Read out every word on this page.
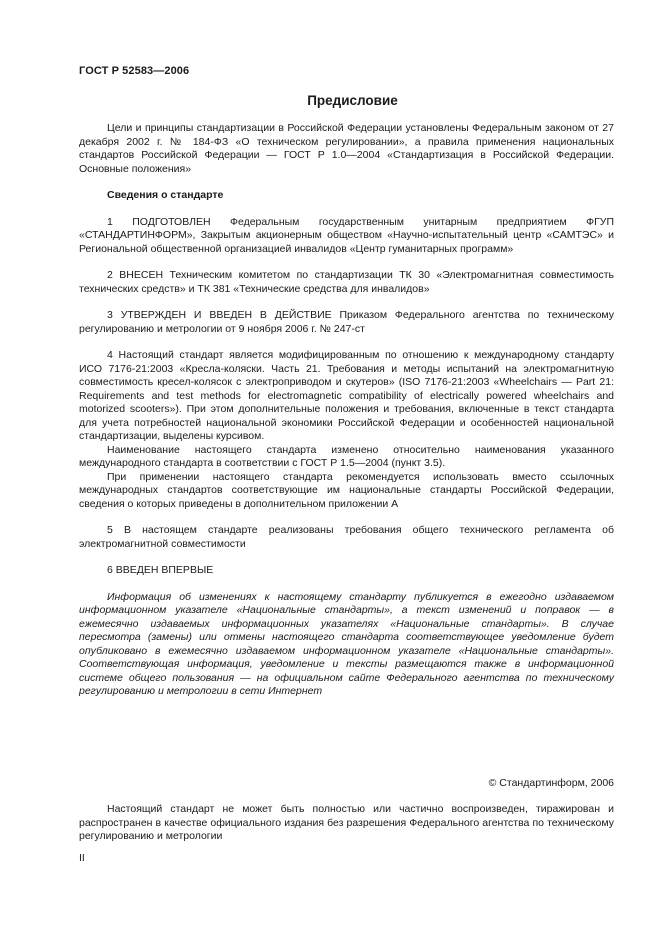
ГОСТ Р 52583—2006
Предисловие

Цели и принципы стандартизации в Российской Федерации установлены Федеральным законом от 27 декабря 2002 г. № 184-ФЗ «О техническом регулировании», а правила применения национальных стандартов Российской Федерации — ГОСТ Р 1.0—2004 «Стандартизация в Российской Федерации. Основные положения»

Сведения о стандарте

1 ПОДГОТОВЛЕН Федеральным государственным унитарным предприятием ФГУП «СТАНДАРТИНФОРМ», Закрытым акционерным обществом «Научно-испытательный центр «САМТЭС» и Региональной общественной организацией инвалидов «Центр гуманитарных программ»

2 ВНЕСЕН Техническим комитетом по стандартизации ТК 30 «Электромагнитная совместимость технических средств» и ТК 381 «Технические средства для инвалидов»

3 УТВЕРЖДЕН И ВВЕДЕН В ДЕЙСТВИЕ Приказом Федерального агентства по техническому регулированию и метрологии от 9 ноября 2006 г. № 247-ст

4 Настоящий стандарт является модифицированным по отношению к международному стандарту ИСО 7176-21:2003 «Кресла-коляски. Часть 21. Требования и методы испытаний на электромагнитную совместимость кресел-колясок с электроприводом и скутеров» (ISO 7176-21:2003 «Wheelchairs — Part 21: Requirements and test methods for electromagnetic compatibility of electrically powered wheelchairs and motorized scooters»). При этом дополнительные положения и требования, включенные в текст стандарта для учета потребностей национальной экономики Российской Федерации и особенностей национальной стандартизации, выделены курсивом.

Наименование настоящего стандарта изменено относительно наименования указанного международного стандарта в соответствии с ГОСТ Р 1.5—2004 (пункт 3.5).

При применении настоящего стандарта рекомендуется использовать вместо ссылочных международных стандартов соответствующие им национальные стандарты Российской Федерации, сведения о которых приведены в дополнительном приложении А

5 В настоящем стандарте реализованы требования общего технического регламента об электромагнитной совместимости

6 ВВЕДЕН ВПЕРВЫЕ

Информация об изменениях к настоящему стандарту публикуется в ежегодно издаваемом информационном указателе «Национальные стандарты», а текст изменений и поправок — в ежемесячно издаваемых информационных указателях «Национальные стандарты». В случае пересмотра (замены) или отмены настоящего стандарта соответствующее уведомление будет опубликовано в ежемесячно издаваемом информационном указателе «Национальные стандарты». Соответствующая информация, уведомление и тексты размещаются также в информационной системе общего пользования — на официальном сайте Федерального агентства по техническому регулированию и метрологии в сети Интернет

© Стандартинформ, 2006

Настоящий стандарт не может быть полностью или частично воспроизведен, тиражирован и распространен в качестве официального издания без разрешения Федерального агентства по техническому регулированию и метрологии

II
